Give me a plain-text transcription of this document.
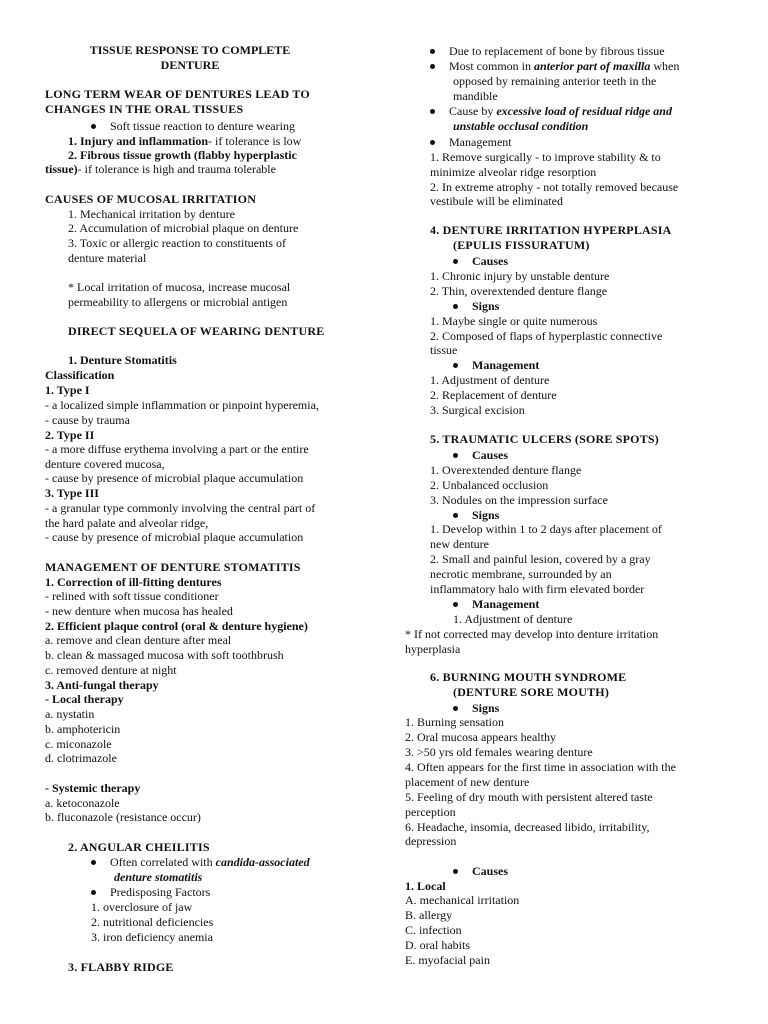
TISSUE RESPONSE TO COMPLETE
DENTURE
LONG TERM WEAR OF DENTURES LEAD TO
CHANGES IN THE ORAL TISSUES
Soft tissue reaction to denture wearing
1. Injury and inflammation- if tolerance is low
2. Fibrous tissue growth (flabby hyperplastic
tissue)- if tolerance is high and trauma tolerable
CAUSES OF MUCOSAL IRRITATION
1. Mechanical irritation by denture
2. Accumulation of microbial plaque on denture
3. Toxic or allergic reaction to constituents of
denture material
* Local irritation of mucosa, increase mucosal
permeability to allergens or microbial antigen
DIRECT SEQUELA OF WEARING DENTURE
1. Denture Stomatitis
Classification
1. Type I
- a localized simple inflammation or pinpoint hyperemia,
- cause by trauma
2. Type II
- a more diffuse erythema involving a part or the entire
denture covered mucosa,
- cause by presence of microbial plaque accumulation
3. Type III
- a granular type commonly involving the central part of
the hard palate and alveolar ridge,
- cause by presence of microbial plaque accumulation
MANAGEMENT OF DENTURE STOMATITIS
1. Correction of ill-fitting dentures
- relined with soft tissue conditioner
- new denture when mucosa has healed
2. Efficient plaque control (oral & denture hygiene)
a. remove and clean denture after meal
b. clean & massaged mucosa with soft toothbrush
c. removed denture at night
3. Anti-fungal therapy
- Local therapy
a. nystatin
b. amphotericin
c. miconazole
d. clotrimazole
- Systemic therapy
a. ketoconazole
b. fluconazole (resistance occur)
2. ANGULAR CHEILITIS
Often correlated with candida-associated
denture stomatitis
Predisposing Factors
1. overclosure of jaw
2. nutritional deficiencies
3. iron deficiency anemia
3. FLABBY RIDGE
Due to replacement of bone by fibrous tissue
Most common in anterior part of maxilla when
opposed by remaining anterior teeth in the
mandible
Cause by excessive load of residual ridge and
unstable occlusal condition
Management
1. Remove surgically - to improve stability & to
minimize alveolar ridge resorption
2. In extreme atrophy - not totally removed because
vestibule will be eliminated
4. DENTURE IRRITATION HYPERPLASIA
(EPULIS FISSURATUM)
Causes
1. Chronic injury by unstable denture
2. Thin, overextended denture flange
Signs
1. Maybe single or quite numerous
2. Composed of flaps of hyperplastic connective
tissue
Management
1. Adjustment of denture
2. Replacement of denture
3. Surgical excision
5. TRAUMATIC ULCERS (SORE SPOTS)
Causes
1. Overextended denture flange
2. Unbalanced occlusion
3. Nodules on the impression surface
Signs
1. Develop within 1 to 2 days after placement of
new denture
2. Small and painful lesion, covered by a gray
necrotic membrane, surrounded by an
inflammatory halo with firm elevated border
Management
1. Adjustment of denture
* If not corrected may develop into denture irritation
hyperplasia
6. BURNING MOUTH SYNDROME
(DENTURE SORE MOUTH)
Signs
1. Burning sensation
2. Oral mucosa appears healthy
3. >50 yrs old females wearing denture
4. Often appears for the first time in association with the
placement of new denture
5. Feeling of dry mouth with persistent altered taste
perception
6. Headache, insomia, decreased libido, irritability,
depression
Causes
1. Local
A. mechanical irritation
B. allergy
C. infection
D. oral habits
E. myofacial pain
